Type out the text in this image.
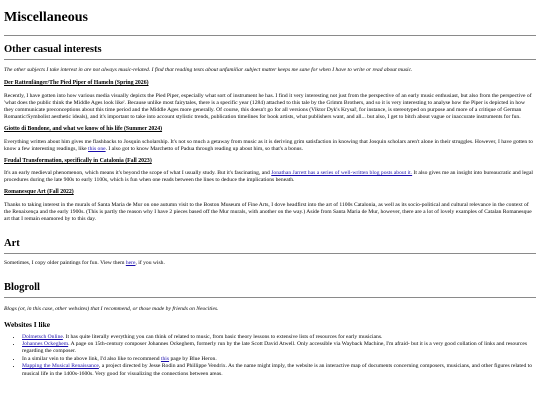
Miscellaneous
Other casual interests

The other subjects I take interest in are not always music-related. I find that reading texts about unfamiliar subject matter keeps me sane for when I have to write or read about music.

Der Rattenfänger/The Pied Piper of Hameln (Spring 2026)

Recently, I have gotten into how various media visually depicts the Pied Piper, especially what sort of instrument he has. I find it very interesting not just from the perspective of an early music enthusiast, but also from the perspective of 'what does the public think the Middle Ages look like'. Because unlike most fairytales, there is a specific year (1284) attached to this tale by the Grimm Brothers, and so it is very interesting to analyse how the Piper is depicted in how they communicate preconceptions about this time period and the Middle Ages more generally. Of course, this doesn't go for all versions (Viktor Dyk's Krysař, for instance, is stereotyped on purpose and more of a critique of German Romantic/Symbolist aesthetic ideals), and it's important to take into account stylistic trends, publication timelines for book artists, what publishers want, and all... but also, I get to bitch about vague or inaccurate instruments for fun.

Giotto di Bondone, and what we know of his life (Summer 2024)

Everything written about him gives me flashbacks to Josquin scholarship. It's not so much a getaway from music as it is deriving grim satisfaction in knowing that Josquin scholars aren't alone in their struggles. However, I have gotten to know a few interesting readings, like this one. I also got to know Marchetto of Padua through reading up about him, so that's a bonus.

Feudal Transformation, specifically in Catalonia (Fall 2023)

It's an early medieval phenomenon, which means it's beyond the scope of what I usually study. But it's fascinating, and Jonathan Jarrett has a series of well-written blog posts about it. It also gives me an insight into bureaucratic and legal procedures during the late 900s to early 1100s, which is fun when one reads between the lines to deduce the implications beneath.

Romanesque Art (Fall 2022)

Thanks to taking interest in the murals of Santa Maria de Mur on one autumn visit to the Boston Museum of Fine Arts, I dove headfirst into the art of 1100s Catalonia, as well as its socio-political and cultural relevance in the context of the Renaixença and the early 1900s. (This is partly the reason why I have 2 pieces based off the Mur murals, with another on the way.) Aside from Santa Maria de Mur, however, there are a lot of lovely examples of Catalan Romanesque art that I remain enamored by to this day.

Art

Sometimes, I copy older paintings for fun. View them here, if you wish.

Blogroll

Blogs (or, in this case, other websites) that I recommend, or those made by friends on Neocities.

Websites I like
• Dolmetsch Online. It has quite literally everything you can think of related to music, from basic theory lessons to extensive lists of resources for early musicians.
• Johannes Ockeghem. A page on 15th-century composer Johannes Ockeghem, formerly run by the late Scott David Atwell. Only accessible via Wayback Machine, I'm afraid- but it is a very good collation of links and resources regarding the composer.
• In a similar vein to the above link, I'd also like to recommend this page by Blue Heron.
• Mapping the Musical Renaissance, a project directed by Jesse Rodin and Phillippe Vendrix. As the name might imply, the website is an interactive map of documents concerning composers, musicians, and other figures related to musical life in the 1400s-1600s. Very good for visualizing the connections between areas.
